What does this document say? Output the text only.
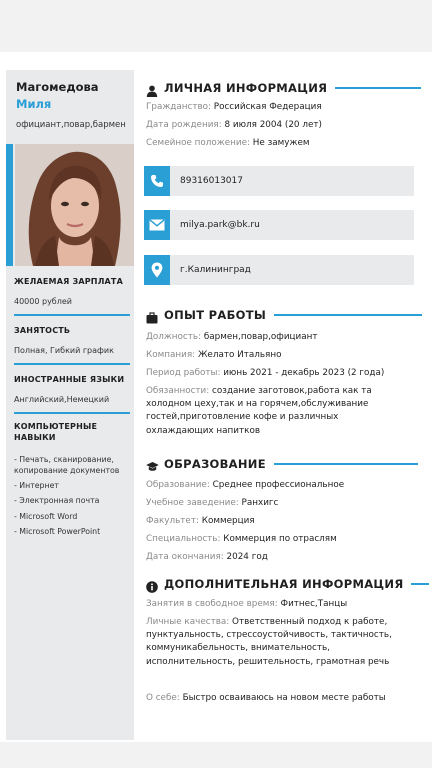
Магомедова
Миля
официант,повар,бармен
ЖЕЛАЕМАЯ ЗАРПЛАТА
40000 рублей
ЗАНЯТОСТЬ
Полная, Гибкий график
ИНОСТРАННЫЕ ЯЗЫКИ
Английский,Немецкий
КОМПЬЮТЕРНЫЕ
НАВЫКИ
- Печать, сканирование, копирование документов
- Интернет
- Электронная почта
- Microsoft Word
- Microsoft PowerPoint
ЛИЧНАЯ ИНФОРМАЦИЯ
Гражданство: Российская Федерация
Дата рождения: 8 июля 2004 (20 лет)
Семейное положение: Не замужем
89316013017
milya.park@bk.ru
г.Калининград
ОПЫТ РАБОТЫ
Должность: бармен,повар,официант
Компания: Желато Итальяно
Период работы: июнь 2021 - декабрь 2023 (2 года)
Обязанности: создание заготовок,работа как та холодном цеху,так и на горячем,обслуживание гостей,приготовление кофе и различных охлаждающих напитков
ОБРАЗОВАНИЕ
Образование: Среднее профессиональное
Учебное заведение: Ранхигс
Факультет: Коммерция
Специальность: Коммерция по отраслям
Дата окончания: 2024 год
ДОПОЛНИТЕЛЬНАЯ ИНФОРМАЦИЯ
Занятия в свободное время: Фитнес,Танцы
Личные качества: Ответственный подход к работе, пунктуальность, стрессоустойчивость, тактичность, коммуникабельность, внимательность, исполнительность, решительность, грамотная речь
О себе: Быстро осваиваюсь на новом месте работы
